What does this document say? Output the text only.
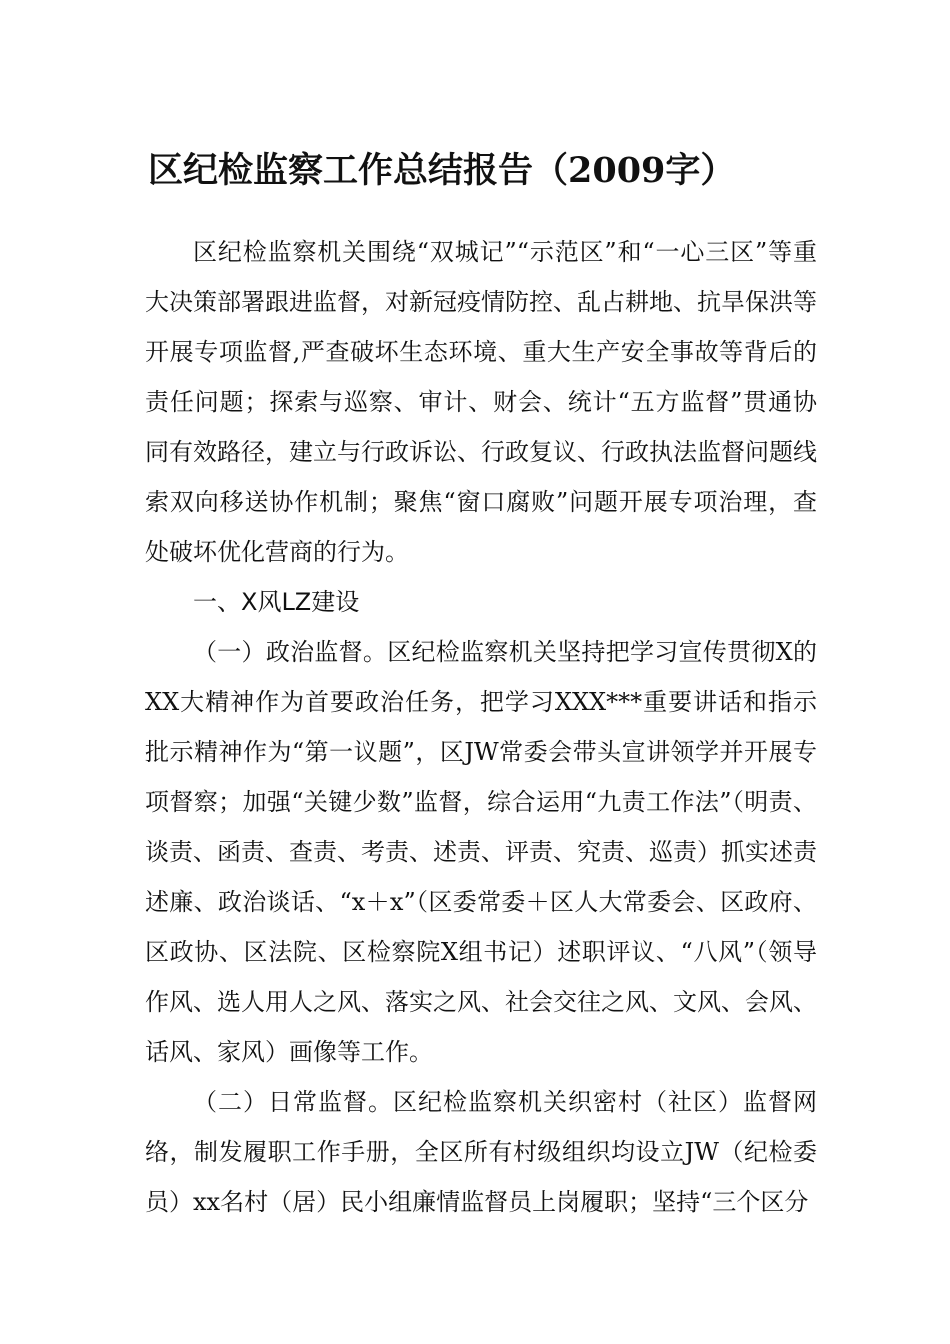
区纪检监察工作总结报告（2009字）

区纪检监察机关围绕“双城记”“示范区”和“一心三区”等重大决策部署跟进监督，对新冠疫情防控、乱占耕地、抗旱保洪等开展专项监督,严查破坏生态环境、重大生产安全事故等背后的责任问题；探索与巡察、审计、财会、统计“五方监督”贯通协同有效路径，建立与行政诉讼、行政复议、行政执法监督问题线索双向移送协作机制；聚焦“窗口腐败”问题开展专项治理，查处破坏优化营商的行为。

一、X风LZ建设

（一）政治监督。区纪检监察机关坚持把学习宣传贯彻X的XX大精神作为首要政治任务，把学习XXX***重要讲话和指示批示精神作为“第一议题”，区JW常委会带头宣讲领学并开展专项督察；加强“关键少数”监督，综合运用“九责工作法”（明责、谈责、函责、查责、考责、述责、评责、究责、巡责）抓实述责述廉、政治谈话、“x＋x”（区委常委＋区人大常委会、区政府、区政协、区法院、区检察院X组书记）述职评议、“八风”（领导作风、选人用人之风、落实之风、社会交往之风、文风、会风、话风、家风）画像等工作。

（二）日常监督。区纪检监察机关织密村（社区）监督网络，制发履职工作手册，全区所有村级组织均设立JW（纪检委员）xx名村（居）民小组廉情监督员上岗履职；坚持“三个区分
